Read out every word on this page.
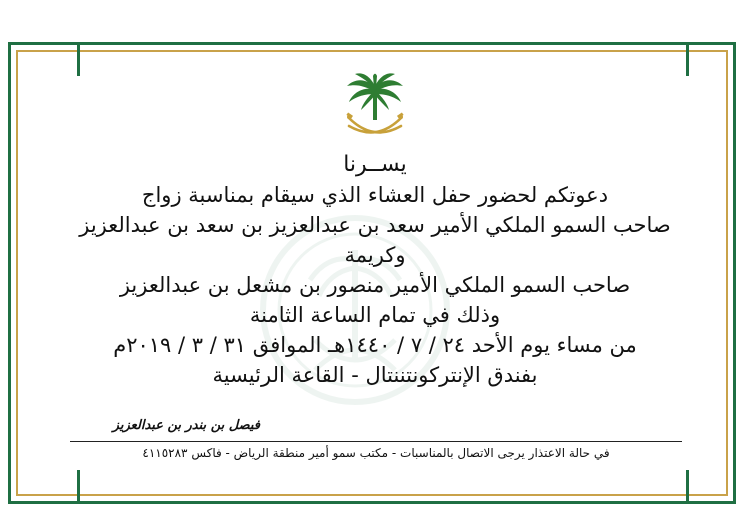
يســرنا
دعوتكم لحضور حفل العشاء الذي سيقام بمناسبة زواج
صاحب السمو الملكي الأمير سعد بن عبدالعزيز بن سعد بن عبدالعزيز
وكريمة
صاحب السمو الملكي الأمير منصور بن مشعل بن عبدالعزيز
وذلك في تمام الساعة الثامنة
من مساء يوم الأحد ٢٤ / ٧ / ١٤٤٠هـ الموافق ٣١ / ٣ / ٢٠١٩م
بفندق الإنتركونتننتال - القاعة الرئيسية
فيصل بن بندر بن عبدالعزيز
في حالة الاعتذار يرجى الاتصال بالمناسبات - مكتب سمو أمير منطقة الرياض - فاكس ٤١١٥٢٨٣
